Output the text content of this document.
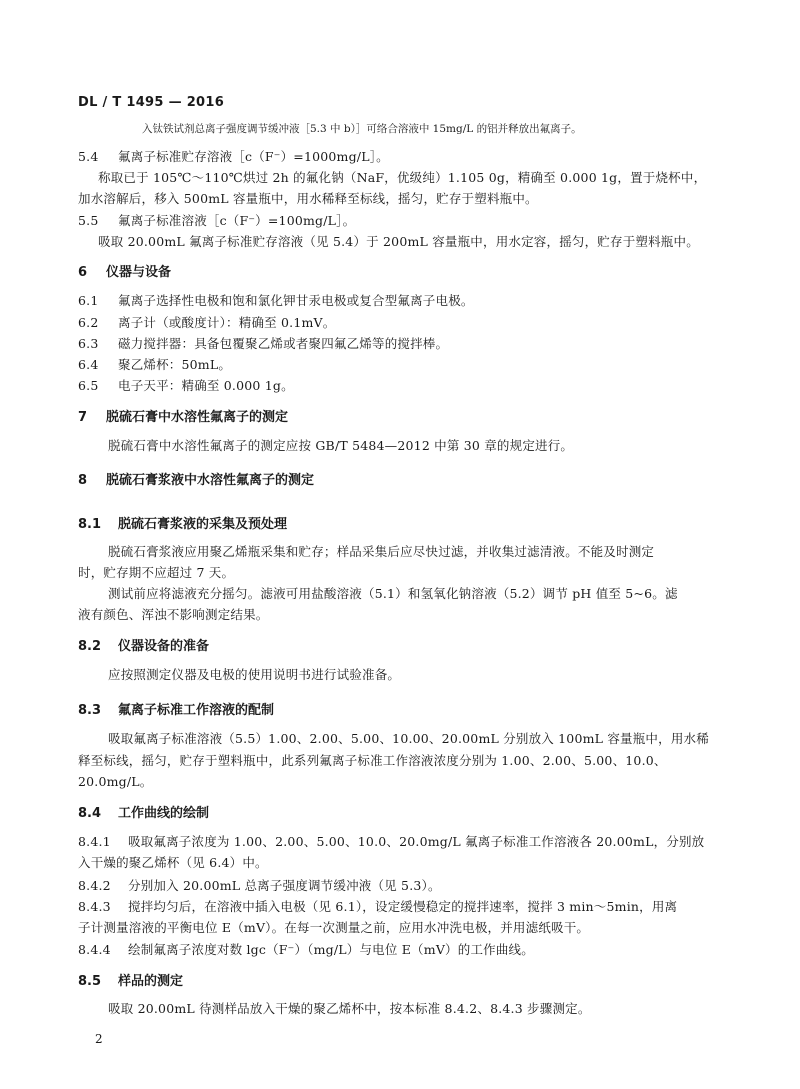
DL / T 1495 — 2016
入钛铁试剂总离子强度调节缓冲液［5.3 中 b）］可络合溶液中 15mg/L 的铝并释放出氟离子。
5.4 氟离子标准贮存溶液［c（F⁻）=1000mg/L］。
称取已于 105℃～110℃烘过 2h 的氟化钠（NaF，优级纯）1.105 0g，精确至 0.000 1g，置于烧杯中，
加水溶解后，移入 500mL 容量瓶中，用水稀释至标线，摇匀，贮存于塑料瓶中。
5.5 氟离子标准溶液［c（F⁻）=100mg/L］。
吸取 20.00mL 氟离子标准贮存溶液（见 5.4）于 200mL 容量瓶中，用水定容，摇匀，贮存于塑料瓶中。
6 仪器与设备
6.1 氟离子选择性电极和饱和氯化钾甘汞电极或复合型氟离子电极。
6.2 离子计（或酸度计）：精确至 0.1mV。
6.3 磁力搅拌器：具备包覆聚乙烯或者聚四氟乙烯等的搅拌棒。
6.4 聚乙烯杯：50mL。
6.5 电子天平：精确至 0.000 1g。
7 脱硫石膏中水溶性氟离子的测定
脱硫石膏中水溶性氟离子的测定应按 GB/T 5484—2012 中第 30 章的规定进行。
8 脱硫石膏浆液中水溶性氟离子的测定
8.1 脱硫石膏浆液的采集及预处理
脱硫石膏浆液应用聚乙烯瓶采集和贮存；样品采集后应尽快过滤，并收集过滤清液。不能及时测定
时，贮存期不应超过 7 天。
测试前应将滤液充分摇匀。滤液可用盐酸溶液（5.1）和氢氧化钠溶液（5.2）调节 pH 值至 5~6。滤
液有颜色、浑浊不影响测定结果。
8.2 仪器设备的准备
应按照测定仪器及电极的使用说明书进行试验准备。
8.3 氟离子标准工作溶液的配制
吸取氟离子标准溶液（5.5）1.00、2.00、5.00、10.00、20.00mL 分别放入 100mL 容量瓶中，用水稀
释至标线，摇匀，贮存于塑料瓶中，此系列氟离子标准工作溶液浓度分别为 1.00、2.00、5.00、10.0、
20.0mg/L。
8.4 工作曲线的绘制
8.4.1 吸取氟离子浓度为 1.00、2.00、5.00、10.0、20.0mg/L 氟离子标准工作溶液各 20.00mL，分别放
入干燥的聚乙烯杯（见 6.4）中。
8.4.2 分别加入 20.00mL 总离子强度调节缓冲液（见 5.3）。
8.4.3 搅拌均匀后，在溶液中插入电极（见 6.1），设定缓慢稳定的搅拌速率，搅拌 3 min～5min，用离
子计测量溶液的平衡电位 E（mV）。在每一次测量之前，应用水冲洗电极，并用滤纸吸干。
8.4.4 绘制氟离子浓度对数 lgc（F⁻）（mg/L）与电位 E（mV）的工作曲线。
8.5 样品的测定
吸取 20.00mL 待测样品放入干燥的聚乙烯杯中，按本标准 8.4.2、8.4.3 步骤测定。
2
